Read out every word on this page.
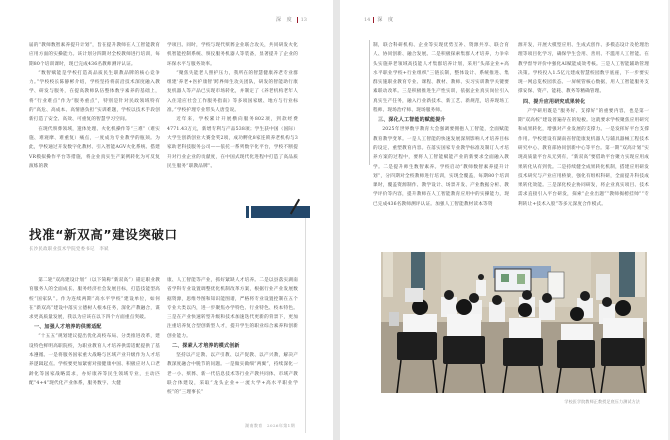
深 度 13

届的“教师数智素养提升计划”，旨在提升教师在人工智能教育应用方面的实操能力。该计划分四期对全校教师进行培训，每期80个培训课时，现已完成436名教师测评认证。

“数智赋能是学校打造高品质民生职教品牌的核心竞争力。”学校校长陈静彬介绍，学校坚持将前沿技术深度融入教学、研发与服务，在提高教师队伍整体数字素养的基础上，将“行业难点”作为“服务重点”，特别是针对民政领域特有的“高危、高成本、高情感负担”实训难题，学校以技术手段创新打造了安全、高效、可重复的智慧学习空间。

在现代殡葬领域，遗体处理、火化机操作等“三难”（难实施、难观摩、难重复）痛点，一度成为专业教学的瓶颈。为此，学校通过开发数字化教材、引入智能AGV火化系统、搭建VR模拟操作平台等措施，将企业真实生产案例转化为可反复演练的教

学项目。同时，学校与现代殡葬企业联合攻关，共同研发火化机智能控制系统、殡仪服务机器人等装备，显著提升了企业的环保水平与服务效率。

“聚焦失能老人照护压力，我所在的智慧健康养老专业群组建‘养老+医护康智’跨界师生攻关团队，研发的智能助行康复机器人等产品已实现市场转化，并制定了《养老机构老年人入住适应社会工作服务指南》等多项国家级、地方与行业标准。”学校护理专业带头人唐莹说。

近年来，学校累计开展横向服务802项，到款经费4771.43万元，新增专利与产品538项；学生获中国（国际）大学生创新创业大赛金奖2项，成功孵化8家连锁养老机构与3家助老科技服务公司——依托一系列数字化平台，学校不断提升对行业企业的贡献度，在中国式现代化进程中打造了高品质民生服务“职教品牌”。

找准“新双高”建设突破口
长沙民政职业技术学院党委书记　李斌

第二轮“双高建设计划”（以下简称“新双高”）锚定职业教育服务人的全面成长、服务经济社会发展目标，打造技能型高校“国家队”。作为连续两期“高水平学校”建设单位，如何在“新双高”建设中落实立德树人根本任务，深化产教融合，谋求更高质量发展，我以为应该在以下四个方面重点突破。

一、加强人才培养的供需适配

“十五五”规划建议提出优化高校布局、分类推进改革，建设特色鲜明高职院校，为职业教育人才培养供需适配提供了基本遵循。一是将服务国家重大战略与区域产业升级作为人才培养逻辑起点。学校要更加紧密对接健康中国、积极应对人口老龄化等国家战略需求，办好康养等民生领域专业，主动匹配“4+4”现代化产业体系，服务数字、大健

康、人工智能等产业，抓好紧缺人才培养。二是以县落实湖南省学科专业设置调整优化机制改革方案，根据行业产业发展数据资源，思维导图和知识能图谱，严格将专业设置控制在五个专业大类以内，进一步聚焦办学特色、行业特色、校本特色。三是在产业快速转型升级和技术加速迭代更新的背景下，更加注重培养复合型创新型人才，提升学生的职业综合素养和创新创业能力。

二、探索人才培养的模式创新

坚持以产定教、以产引教、以产促教、以产兴教，解决产教深度融合中脱节的问题。一是做实做细“两翼”，持续深化一老一小、殡葬、新一代信息技术等行业产教共同体、市域产教联合体建设，采取“龙头企业+一流大学+高水平职业学校”的“三理事长”

湖南教育　2026年第1期
14 深 度

制，联合科研机构、企业等实现优势互补、资源共享、联合育人、协同创新、融合发展。二是积极探索集群人才培养，力争牵头实施养老领域高技能人才集群培养计划，采用“头部企业+高水平职业学校+行业组织”三链长制，整体设计、系统推进、集群实施职业教育专业、课程、教材、教师、实习实训教学关键要素联动改革。三是积极推进生产性实训，依据企业真实岗位引入真实生产任务，融入行业新技术、新工艺、新规范，培养现场工程师、现场治疗师、现场服务师。

三、深化人工智能的赋能提升

2025年世界数字教育大会强调要拥抱人工智能，全面赋能教育教学变革。一是人工智能的快速发展深刻影响人才培养目标的设定、重塑教育内容。在落实国家专业教学标准及制订人才培养方案的过程中，要将人工智能赋能产业的新要求全面融入教学。二是提升师生数智素养。学校启动“教师数智素养提升计划”，分四期对全校教师进行培训，实现全覆盖，每期80个培训课时，覆盖资源制作、教学设计、场景开发、产业数据分析、教学评价等内容，提升教师在人工智能教育应用中的实操能力，现已完成436名教师测评认证。加强人工智能教材读本等资

源开发，开展大模型应用、生成式创作、多模态设计及伦理治理等项目化学习，确保学生会用、善用、不滥用人工智能。在教学督导评价中强化AI赋能成效考核。三是人工智能辅助管理决策。学校投入1.5亿元建成智慧校园数字底座，下一步要实现一网总览校园状态、一屏统管核心数据，用人工智能服务支撑安保、资产、能耗、教务等精确管理。

四、提升应用研究成果转化

产学研用既是“服务好、支撑好”的重要内容，也是第一期“双高校”建设普遍存在的短板。这就要求学校聚焦应用研究和成果转化，增强对产业发展的支撑力。一是发挥好平台支撑作用。学校建设有湖南省智能康复机器人与辅具器械工程技术研究中心、教育部协同创新中心等平台。第一期“双高计划”实现高质量平台从无到有，“新双高”要借助平台聚力实现应用成果转化从有到优。二是持续健全成果转化机制，搭建应用研发技术研究与产业应用桥梁，强化有组织科研，全面提升科技成果转化效能。三是深化校企协同研发，将企业真实项目、技术需求直接引入平台研发，探索“企业出题”“教师揭榜挂帅”“专利转让+技术入股”等多元深度合作模式。

学校医学院教师正教授足底压力测试方法
